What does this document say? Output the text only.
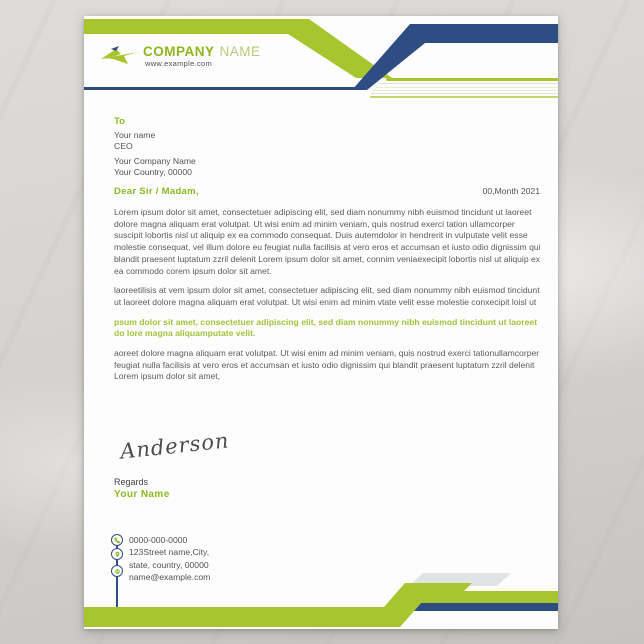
COMPANY NAME
www.example.com
To
Your name
CEO
Your Company Name
Your Country, 00000
Dear Sir / Madam,	00,Month 2021

Lorem ipsum dolor sit amet, consectetuer adipiscing elit, sed diam nonummy nibh euismod tincidunt ut laoreet dolore magna aliquam erat volutpat. Ut wisi enim ad minim veniam, quis nostrud exerci tation ullamcorper suscipit lobortis nisl ut aliquip ex ea commodo consequat. Duis autemdolor in hendrerit in vulputate velit esse molestie consequat, vel illum dolore eu feugiat nulla facilisis at vero eros et accumsan et iusto odio dignissim qui blandit praesent luptatum zzril delenit Lorem ipsum dolor sit amet, connim veniaexecipit lobortis nisl ut aliquip ex ea commodo corem ipsum dolor sit amet.

laoreetilisis at vem ipsum dolor sit amet, consectetuer adipiscing elit, sed diam nonummy nibh euismod tincidunt ut laoreet dolore magna aliquam erat volutpat. Ut wisi enim ad minim vtate velit esse molestie conxecipit loisl ut

psum dolor sit amet, consectetuer adipiscing elit, sed diam nonummy nibh euismod tincidunt ut laoreet do lore magna aliquamputate velit.

aoreet dolore magna aliquam erat volutpat. Ut wisi enim ad minim veniam, quis nostrud exerci tationullamcorper feugiat nulla facilisis at vero eros et accumsan et iusto odio dignissim qui blandit praesent luptatum zzril delenit Lorem ipsum dolor sit amet,

Anderson
Regards
Your Name
0000-000-0000
123Street name,City,
state, country, 00000
name@example.com
